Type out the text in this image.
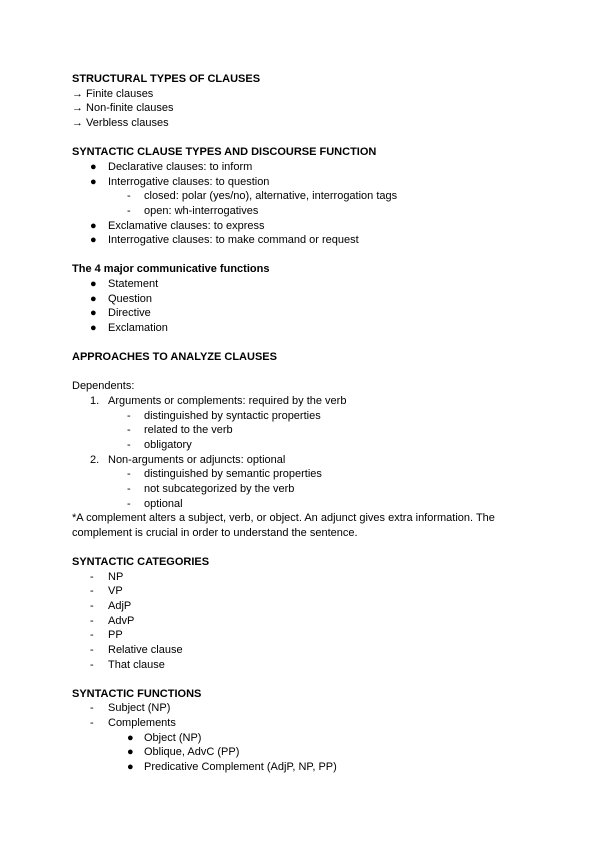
STRUCTURAL TYPES OF CLAUSES
→ Finite clauses
→ Non-finite clauses
→ Verbless clauses
SYNTACTIC CLAUSE TYPES AND DISCOURSE FUNCTION
● Declarative clauses: to inform
● Interrogative clauses: to question
- closed: polar (yes/no), alternative, interrogation tags
- open: wh-interrogatives
● Exclamative clauses: to express
● Interrogative clauses: to make command or request
The 4 major communicative functions
● Statement
● Question
● Directive
● Exclamation
APPROACHES TO ANALYZE CLAUSES
Dependents:
1. Arguments or complements: required by the verb
- distinguished by syntactic properties
- related to the verb
- obligatory
2. Non-arguments or adjuncts: optional
- distinguished by semantic properties
- not subcategorized by the verb
- optional
*A complement alters a subject, verb, or object. An adjunct gives extra information. The complement is crucial in order to understand the sentence.
SYNTACTIC CATEGORIES
- NP
- VP
- AdjP
- AdvP
- PP
- Relative clause
- That clause
SYNTACTIC FUNCTIONS
- Subject (NP)
- Complements
● Object (NP)
● Oblique, AdvC (PP)
● Predicative Complement (AdjP, NP, PP)
